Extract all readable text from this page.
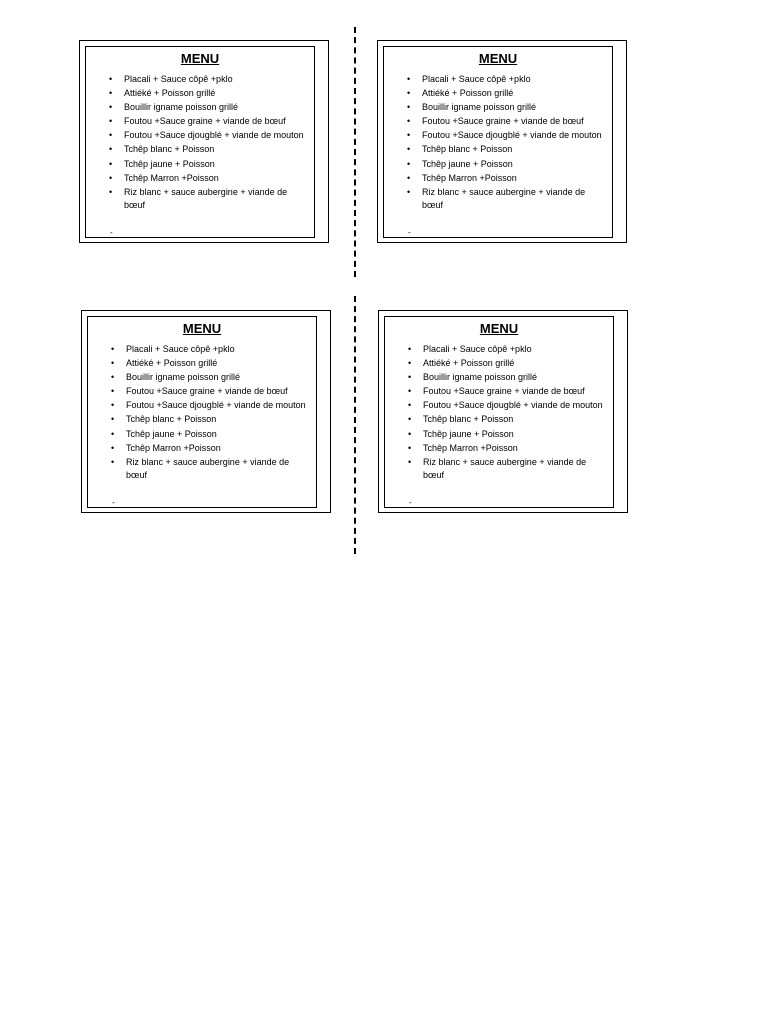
MENU
• Placali + Sauce côpê +pklo
• Attiéké + Poisson grillé
• Bouillir igname poisson grillé
• Foutou +Sauce graine + viande de bœuf
• Foutou +Sauce djougblé + viande de mouton
• Tchêp blanc + Poisson
• Tchêp jaune + Poisson
• Tchêp Marron +Poisson
• Riz blanc + sauce aubergine + viande de bœuf
-
MENU
• Placali + Sauce côpê +pklo
• Attiéké + Poisson grillé
• Bouillir igname poisson grillé
• Foutou +Sauce graine + viande de bœuf
• Foutou +Sauce djougblé + viande de mouton
• Tchêp blanc + Poisson
• Tchêp jaune + Poisson
• Tchêp Marron +Poisson
• Riz blanc + sauce aubergine + viande de bœuf
-
MENU
• Placali + Sauce côpê +pklo
• Attiéké + Poisson grillé
• Bouillir igname poisson grillé
• Foutou +Sauce graine + viande de bœuf
• Foutou +Sauce djougblé + viande de mouton
• Tchêp blanc + Poisson
• Tchêp jaune + Poisson
• Tchêp Marron +Poisson
• Riz blanc + sauce aubergine + viande de bœuf
-
MENU
• Placali + Sauce côpê +pklo
• Attiéké + Poisson grillé
• Bouillir igname poisson grillé
• Foutou +Sauce graine + viande de bœuf
• Foutou +Sauce djougblé + viande de mouton
• Tchêp blanc + Poisson
• Tchêp jaune + Poisson
• Tchêp Marron +Poisson
• Riz blanc + sauce aubergine + viande de bœuf
-
